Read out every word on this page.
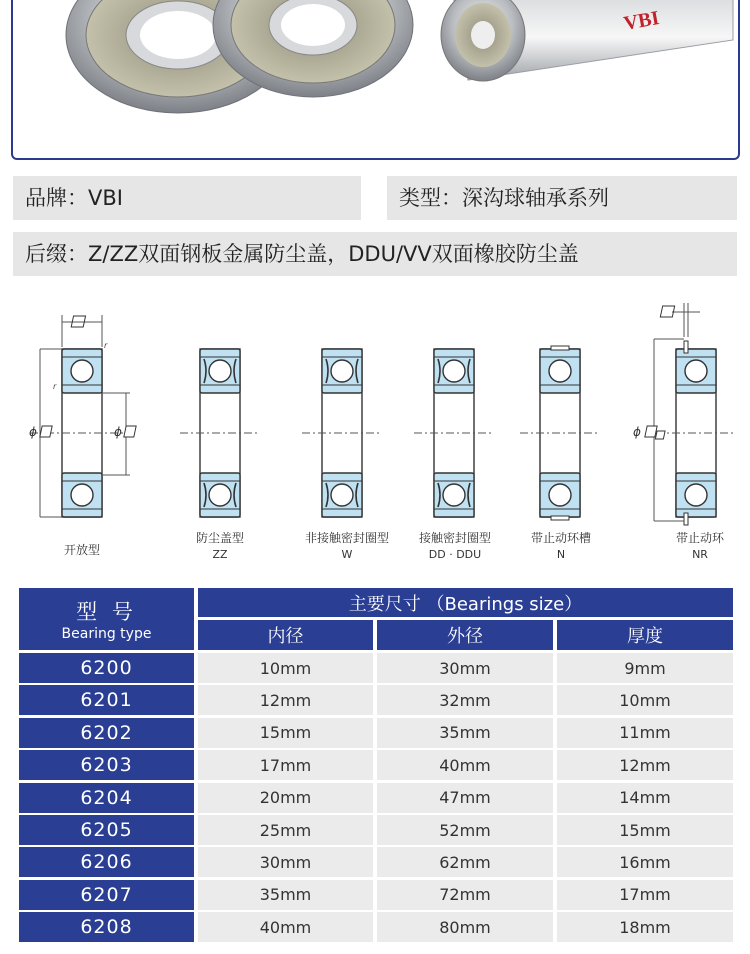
VBI
品牌：VBI	类型：深沟球轴承系列
后缀：Z/ZZ双面钢板金属防尘盖，DDU/VV双面橡胶防尘盖
r
r
ϕ	ϕ	ϕ
开放型
防尘盖型
ZZ
非接触密封圈型
W
接触密封圈型
DD · DDU
带止动环槽
N
带止动环
NR
型 号
Bearing type
主要尺寸 （Bearings size）
内径	外径	厚度
6200	10mm	30mm	9mm
6201	12mm	32mm	10mm
6202	15mm	35mm	11mm
6203	17mm	40mm	12mm
6204	20mm	47mm	14mm
6205	25mm	52mm	15mm
6206	30mm	62mm	16mm
6207	35mm	72mm	17mm
6208	40mm	80mm	18mm
